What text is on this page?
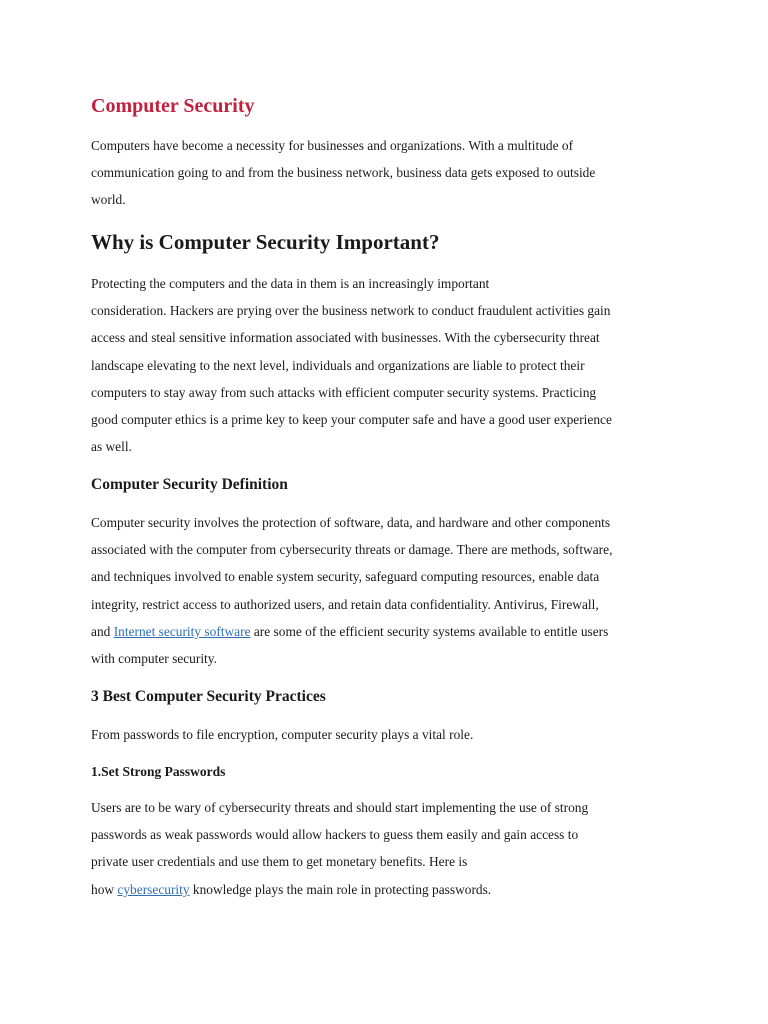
Computer Security

Computers have become a necessity for businesses and organizations. With a multitude of
communication going to and from the business network, business data gets exposed to outside
world.

Why is Computer Security Important?

Protecting the computers and the data in them is an increasingly important
consideration. Hackers are prying over the business network to conduct fraudulent activities gain
access and steal sensitive information associated with businesses. With the cybersecurity threat
landscape elevating to the next level, individuals and organizations are liable to protect their
computers to stay away from such attacks with efficient computer security systems. Practicing
good computer ethics is a prime key to keep your computer safe and have a good user experience
as well.

Computer Security Definition

Computer security involves the protection of software, data, and hardware and other components
associated with the computer from cybersecurity threats or damage. There are methods, software,
and techniques involved to enable system security, safeguard computing resources, enable data
integrity, restrict access to authorized users, and retain data confidentiality. Antivirus, Firewall,
and Internet security software are some of the efficient security systems available to entitle users
with computer security.

3 Best Computer Security Practices

From passwords to file encryption, computer security plays a vital role.

1.Set Strong Passwords

Users are to be wary of cybersecurity threats and should start implementing the use of strong
passwords as weak passwords would allow hackers to guess them easily and gain access to
private user credentials and use them to get monetary benefits. Here is
how cybersecurity knowledge plays the main role in protecting passwords.
